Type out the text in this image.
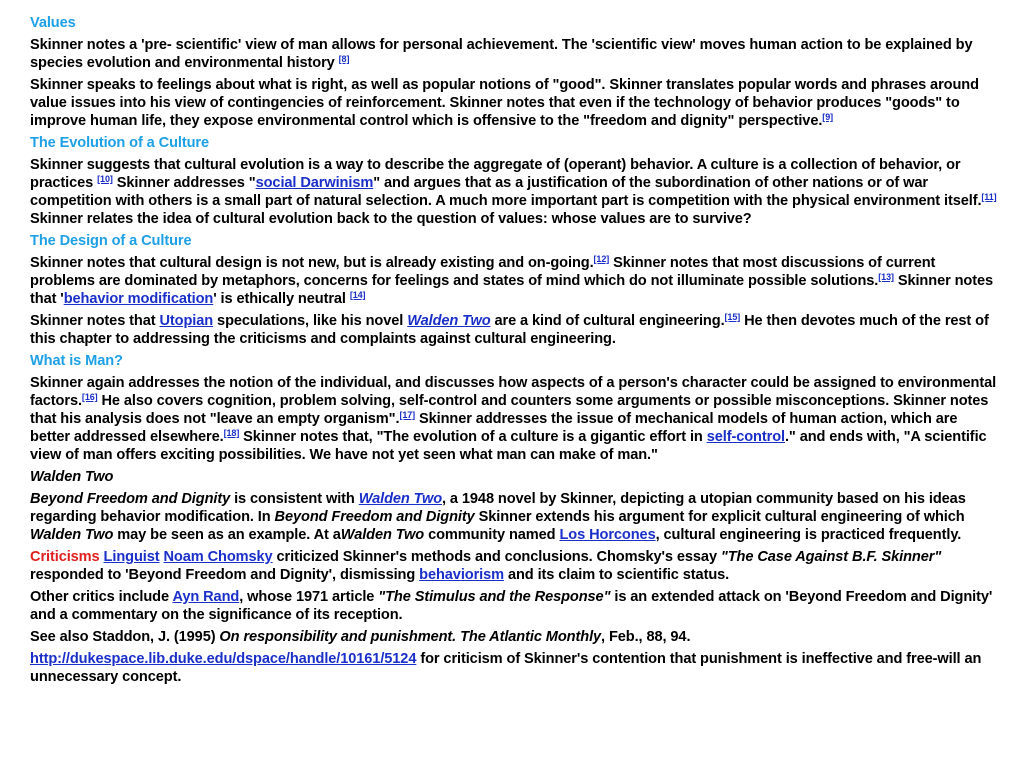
Values
Skinner notes a 'pre- scientific' view of man allows for personal achievement. The 'scientific view' moves human action to be explained by species evolution and environmental history [8]
Skinner speaks to feelings about what is right, as well as popular notions of "good". Skinner translates popular words and phrases around value issues into his view of contingencies of reinforcement. Skinner notes that even if the technology of behavior produces "goods" to improve human life, they expose environmental control which is offensive to the "freedom and dignity" perspective.[9]
The Evolution of a Culture
Skinner suggests that cultural evolution is a way to describe the aggregate of (operant) behavior. A culture is a collection of behavior, or practices [10] Skinner addresses "social Darwinism" and argues that as a justification of the subordination of other nations or of war competition with others is a small part of natural selection. A much more important part is competition with the physical environment itself.[11] Skinner relates the idea of cultural evolution back to the question of values: whose values are to survive?
The Design of a Culture
Skinner notes that cultural design is not new, but is already existing and on-going.[12] Skinner notes that most discussions of current problems are dominated by metaphors, concerns for feelings and states of mind which do not illuminate possible solutions.[13] Skinner notes that 'behavior modification' is ethically neutral [14]
Skinner notes that Utopian speculations, like his novel Walden Two are a kind of cultural engineering.[15] He then devotes much of the rest of this chapter to addressing the criticisms and complaints against cultural engineering.
What is Man?
Skinner again addresses the notion of the individual, and discusses how aspects of a person's character could be assigned to environmental factors.[16] He also covers cognition, problem solving, self-control and counters some arguments or possible misconceptions. Skinner notes that his analysis does not "leave an empty organism".[17] Skinner addresses the issue of mechanical models of human action, which are better addressed elsewhere.[18] Skinner notes that, "The evolution of a culture is a gigantic effort in self-control." and ends with, "A scientific view of man offers exciting possibilities. We have not yet seen what man can make of man."
Walden Two
Beyond Freedom and Dignity is consistent with Walden Two, a 1948 novel by Skinner, depicting a utopian community based on his ideas regarding behavior modification. In Beyond Freedom and Dignity Skinner extends his argument for explicit cultural engineering of which Walden Two may be seen as an example. At aWalden Two community named Los Horcones, cultural engineering is practiced frequently.
Criticisms Linguist Noam Chomsky criticized Skinner's methods and conclusions. Chomsky's essay "The Case Against B.F. Skinner" responded to 'Beyond Freedom and Dignity', dismissing behaviorism and its claim to scientific status.
Other critics include Ayn Rand, whose 1971 article "The Stimulus and the Response" is an extended attack on 'Beyond Freedom and Dignity' and a commentary on the significance of its reception.
See also Staddon, J. (1995) On responsibility and punishment. The Atlantic Monthly, Feb., 88, 94.
http://dukespace.lib.duke.edu/dspace/handle/10161/5124 for criticism of Skinner's contention that punishment is ineffective and free-will an unnecessary concept.
